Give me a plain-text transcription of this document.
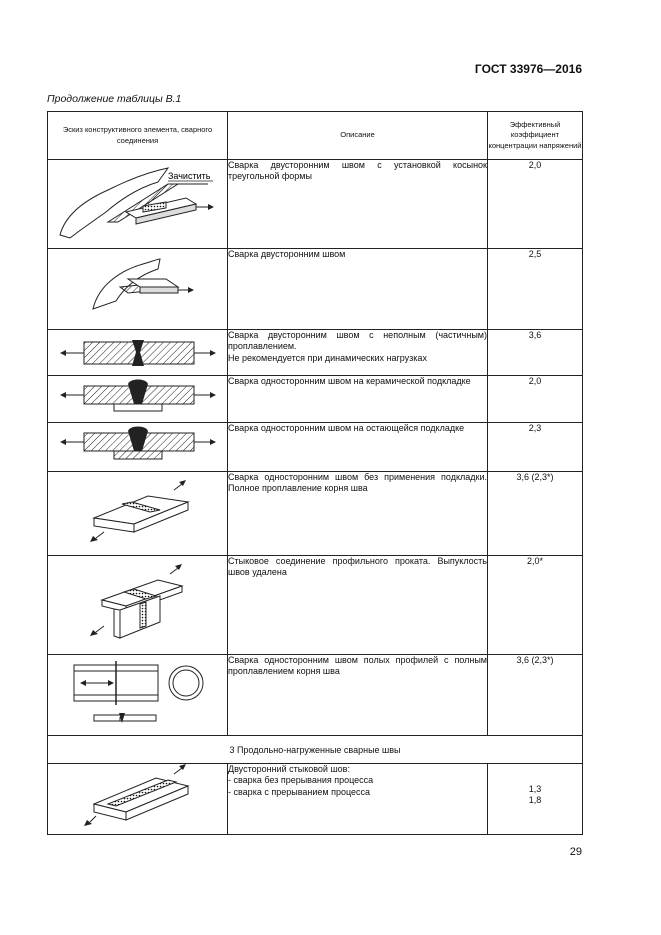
ГОСТ 33976—2016
Продолжение таблицы В.1
Эскиз конструктивного элемента, сварного соединения	Описание	Эффективный коэффициент концентрации напряжений

Зачистить	Сварка двусторонним швом с установкой косынок треугольной формы	2,0

Сварка двусторонним швом	2,5

Сварка двусторонним швом с неполным (частичным) проплавлением.
Не рекомендуется при динамических нагрузках	3,6

Сварка односторонним швом на керамической подкладке	2,0

Сварка односторонним швом на остающейся подкладке	2,3

Сварка односторонним швом без применения подкладки. Полное проплавление корня шва	3,6 (2,3*)

Стыковое соединение профильного проката. Выпуклость швов удалена	2,0*

Сварка односторонним швом полых профилей с полным проплавлением корня шва	3,6 (2,3*)

3 Продольно-нагруженные сварные швы		

Двусторонний стыковой шов:
- сварка без прерывания процесса
- сварка с прерыванием процесса	1,3
1,8
29
